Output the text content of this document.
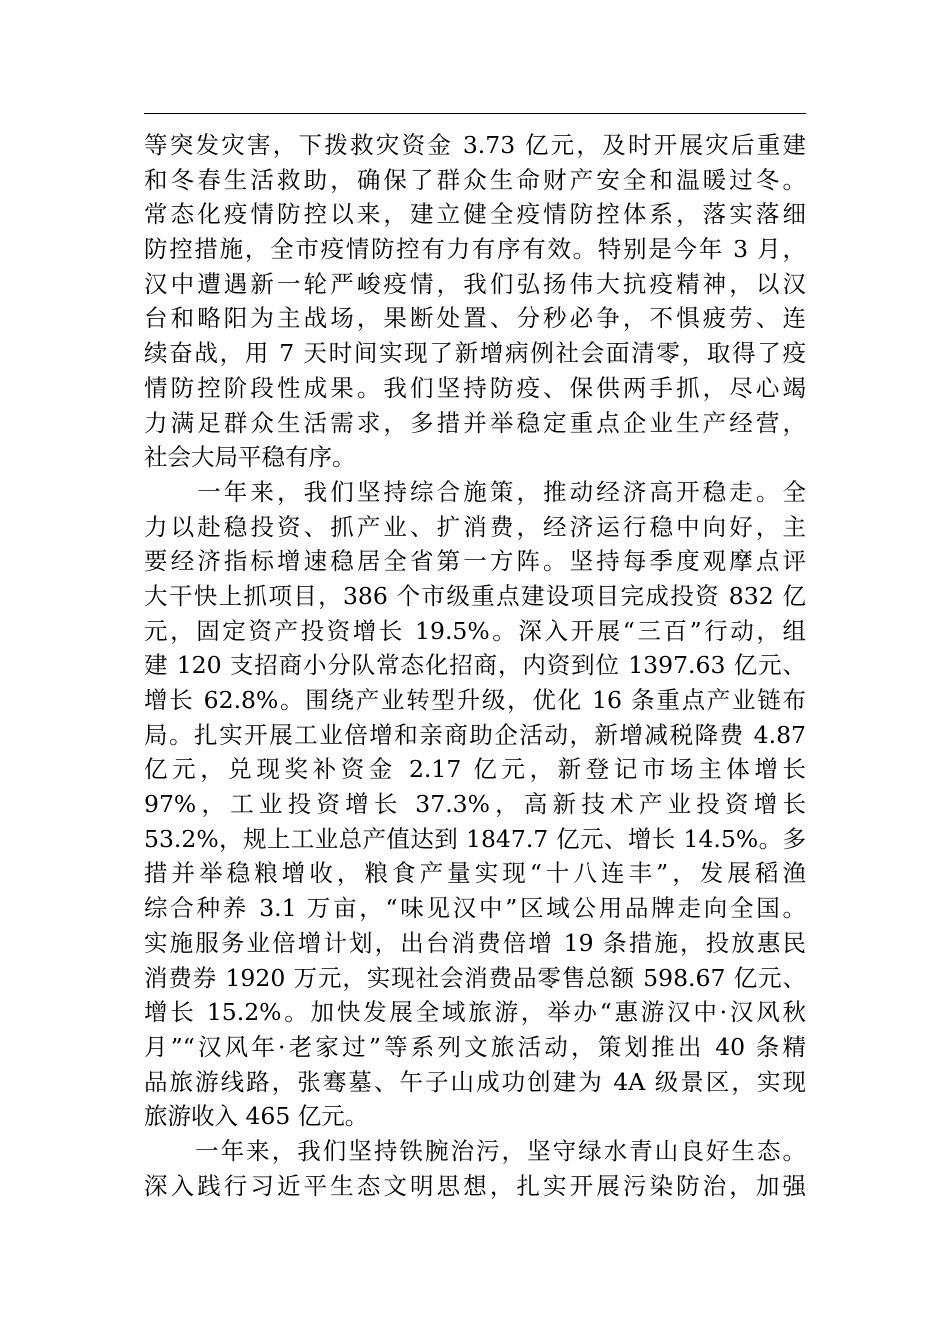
等突发灾害，下拨救灾资金 3.73 亿元，及时开展灾后重建
和冬春生活救助，确保了群众生命财产安全和温暖过冬。
常态化疫情防控以来，建立健全疫情防控体系，落实落细
防控措施，全市疫情防控有力有序有效。特别是今年 3 月，
汉中遭遇新一轮严峻疫情，我们弘扬伟大抗疫精神，以汉
台和略阳为主战场，果断处置、分秒必争，不惧疲劳、连
续奋战，用 7 天时间实现了新增病例社会面清零，取得了疫
情防控阶段性成果。我们坚持防疫、保供两手抓，尽心竭
力满足群众生活需求，多措并举稳定重点企业生产经营，
社会大局平稳有序。
　　一年来，我们坚持综合施策，推动经济高开稳走。全
力以赴稳投资、抓产业、扩消费，经济运行稳中向好，主
要经济指标增速稳居全省第一方阵。坚持每季度观摩点评
大干快上抓项目，386 个市级重点建设项目完成投资 832 亿
元，固定资产投资增长 19.5%。深入开展“三百”行动，组
建 120 支招商小分队常态化招商，内资到位 1397.63 亿元、
增长 62.8%。围绕产业转型升级，优化 16 条重点产业链布
局。扎实开展工业倍增和亲商助企活动，新增减税降费 4.87
亿元，兑现奖补资金 2.17 亿元，新登记市场主体增长
97%，工业投资增长 37.3%，高新技术产业投资增长
53.2%，规上工业总产值达到 1847.7 亿元、增长 14.5%。多
措并举稳粮增收，粮食产量实现“十八连丰”，发展稻渔
综合种养 3.1 万亩，“味见汉中”区域公用品牌走向全国。
实施服务业倍增计划，出台消费倍增 19 条措施，投放惠民
消费券 1920 万元，实现社会消费品零售总额 598.67 亿元、
增长 15.2%。加快发展全域旅游，举办“惠游汉中·汉风秋
月”“汉风年·老家过”等系列文旅活动，策划推出 40 条精
品旅游线路，张骞墓、午子山成功创建为 4A 级景区，实现
旅游收入 465 亿元。
　　一年来，我们坚持铁腕治污，坚守绿水青山良好生态。
深入践行习近平生态文明思想，扎实开展污染防治，加强
